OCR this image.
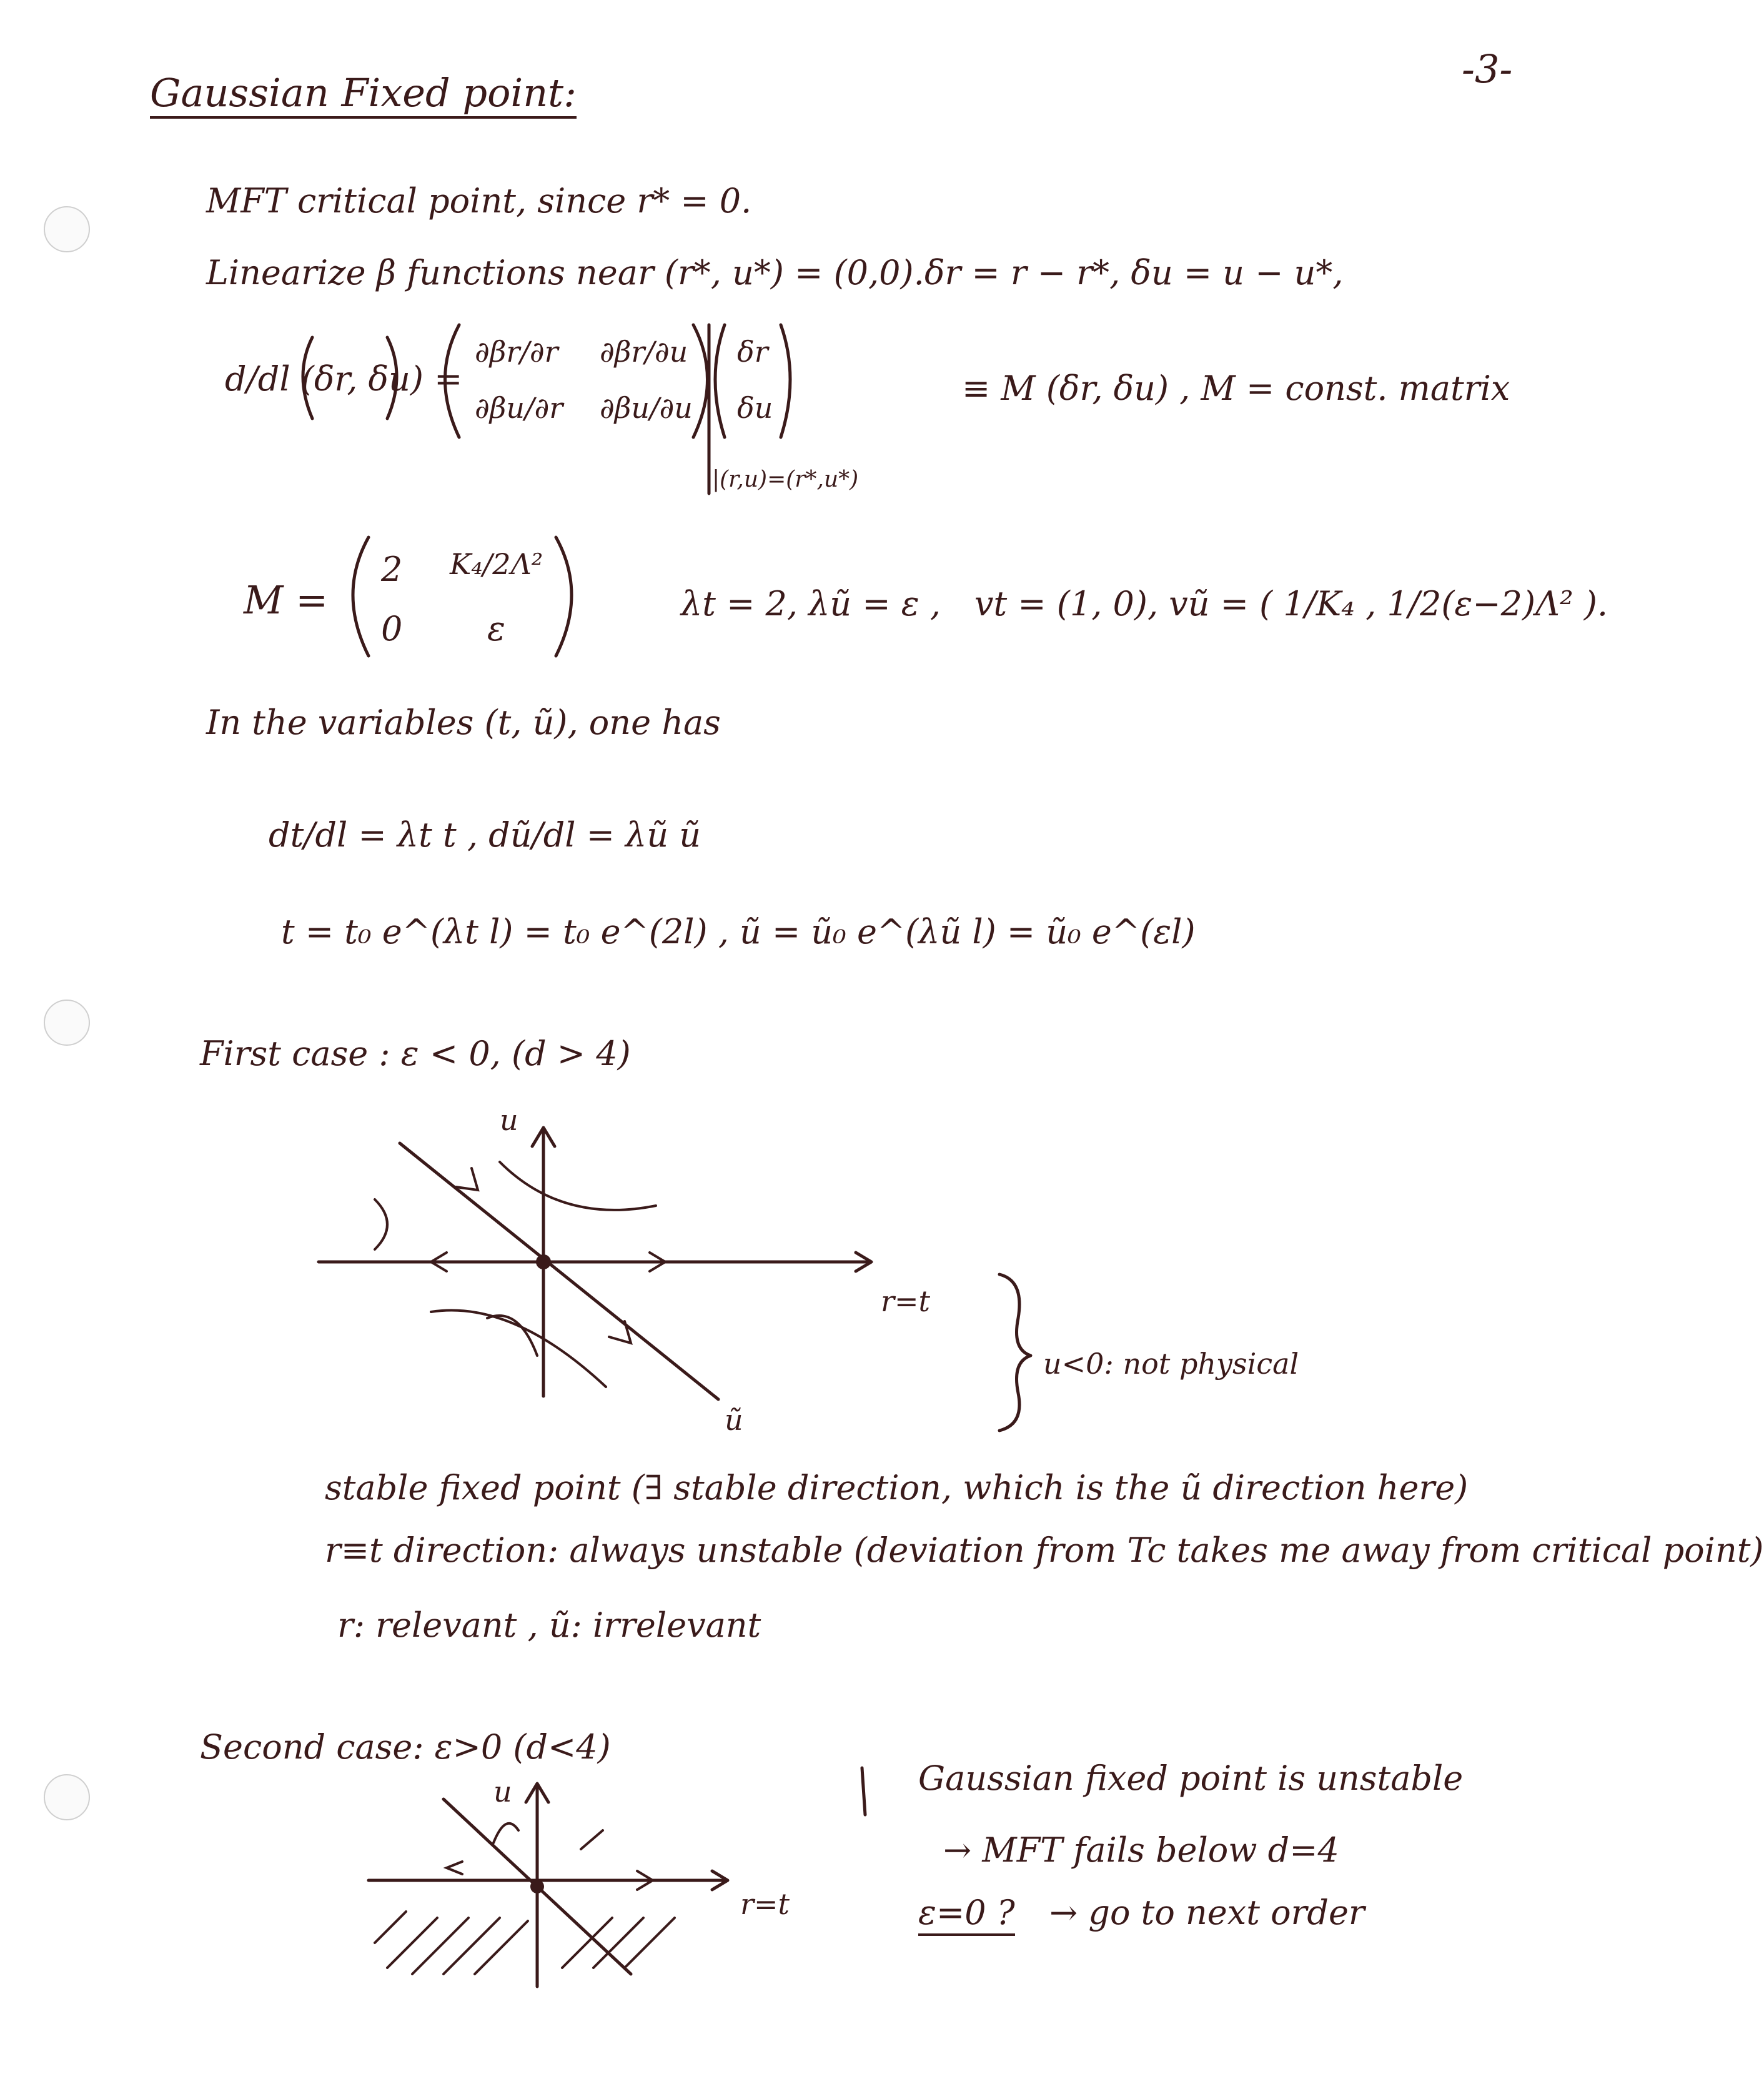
-3-
Gaussian Fixed point:
MFT critical point, since r* = 0.
Linearize β functions near (r*, u*) = (0,0). δr = r − r*, δu = u − u*,
d/dl (δr, δu) =
∂βr/∂r ∂βr/∂u
∂βu/∂r ∂βu/∂u
δr
δu
|(r,u)=(r*,u*)
≡ M (δr, δu) , M = const. matrix
M =
2 K₄/2Λ²
0	ε
λt = 2, λũ = ε , vt = (1, 0), vũ = ( 1/K₄ , 1/2(ε−2)Λ² ).
In the variables (t, ũ), one has
dt/dl = λt t , dũ/dl = λũ ũ
t = t₀ e^(λt l) = t₀ e^(2l) , ũ = ũ₀ e^(λũ l) = ũ₀ e^(εl)
First case : ε < 0, (d > 4)
u
r=t
ũ
u<0: not physical
stable fixed point (∃ stable direction, which is the ũ direction here)
r≡t direction: always unstable (deviation from Tc takes me away from critical point)
r: relevant , ũ: irrelevant
Second case: ε>0 (d<4)
u
r=t
Gaussian fixed point is unstable
→ MFT fails below d=4
ε=0 ? → go to next order
